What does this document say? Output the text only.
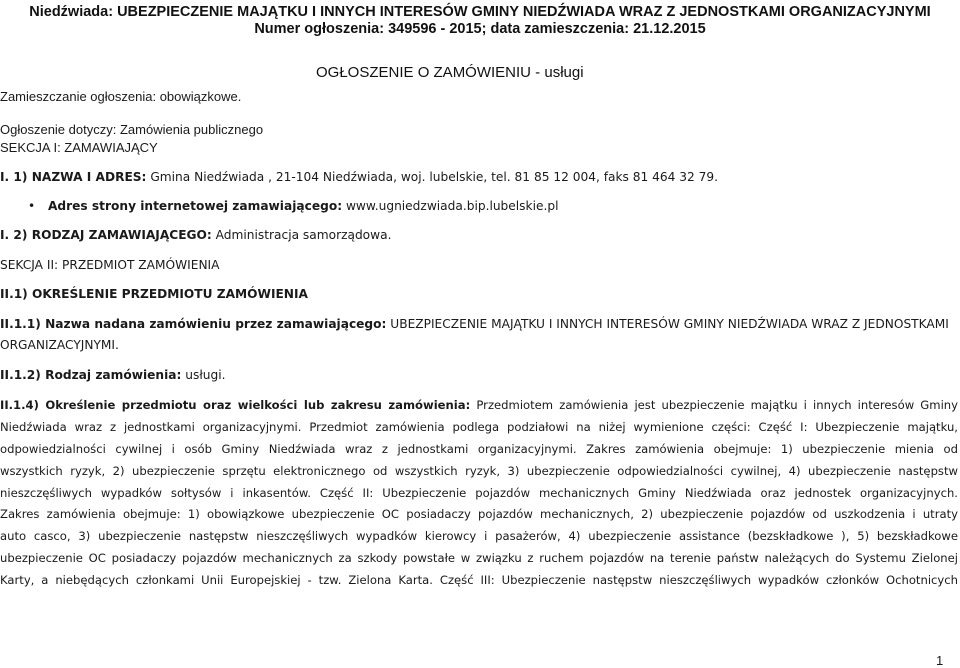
Niedźwiada: UBEZPIECZENIE MAJĄTKU I INNYCH INTERESÓW GMINY NIEDŹWIADA WRAZ Z JEDNOSTKAMI ORGANIZACYJNYMI
Numer ogłoszenia: 349596 - 2015; data zamieszczenia: 21.12.2015
OGŁOSZENIE O ZAMÓWIENIU - usługi
Zamieszczanie ogłoszenia: obowiązkowe.
Ogłoszenie dotyczy: Zamówienia publicznego
SEKCJA I: ZAMAWIAJĄCY
I. 1) NAZWA I ADRES: Gmina Niedźwiada , 21-104 Niedźwiada, woj. lubelskie, tel. 81 85 12 004, faks 81 464 32 79.
• Adres strony internetowej zamawiającego: www.ugniedzwiada.bip.lubelskie.pl
I. 2) RODZAJ ZAMAWIAJĄCEGO: Administracja samorządowa.
SEKCJA II: PRZEDMIOT ZAMÓWIENIA
II.1) OKREŚLENIE PRZEDMIOTU ZAMÓWIENIA
II.1.1) Nazwa nadana zamówieniu przez zamawiającego: UBEZPIECZENIE MAJĄTKU I INNYCH INTERESÓW GMINY NIEDŹWIADA WRAZ Z JEDNOSTKAMI
ORGANIZACYJNYMI.
II.1.2) Rodzaj zamówienia: usługi.
II.1.4) Określenie przedmiotu oraz wielkości lub zakresu zamówienia: Przedmiotem zamówienia jest ubezpieczenie majątku i innych interesów Gminy
Niedźwiada wraz z jednostkami organizacyjnymi. Przedmiot zamówienia podlega podziałowi na niżej wymienione części: Część I: Ubezpieczenie majątku,
odpowiedzialności cywilnej i osób Gminy Niedźwiada wraz z jednostkami organizacyjnymi. Zakres zamówienia obejmuje: 1) ubezpieczenie mienia od
wszystkich ryzyk, 2) ubezpieczenie sprzętu elektronicznego od wszystkich ryzyk, 3) ubezpieczenie odpowiedzialności cywilnej, 4) ubezpieczenie następstw
nieszczęśliwych wypadków sołtysów i inkasentów. Część II: Ubezpieczenie pojazdów mechanicznych Gminy Niedźwiada oraz jednostek organizacyjnych.
Zakres zamówienia obejmuje: 1) obowiązkowe ubezpieczenie OC posiadaczy pojazdów mechanicznych, 2) ubezpieczenie pojazdów od uszkodzenia i utraty
auto casco, 3) ubezpieczenie następstw nieszczęśliwych wypadków kierowcy i pasażerów, 4) ubezpieczenie assistance (bezskładkowe ), 5) bezskładkowe
ubezpieczenie OC posiadaczy pojazdów mechanicznych za szkody powstałe w związku z ruchem pojazdów na terenie państw należących do Systemu Zielonej
Karty, a niebędących członkami Unii Europejskiej - tzw. Zielona Karta. Część III: Ubezpieczenie następstw nieszczęśliwych wypadków członków Ochotnicych
1
